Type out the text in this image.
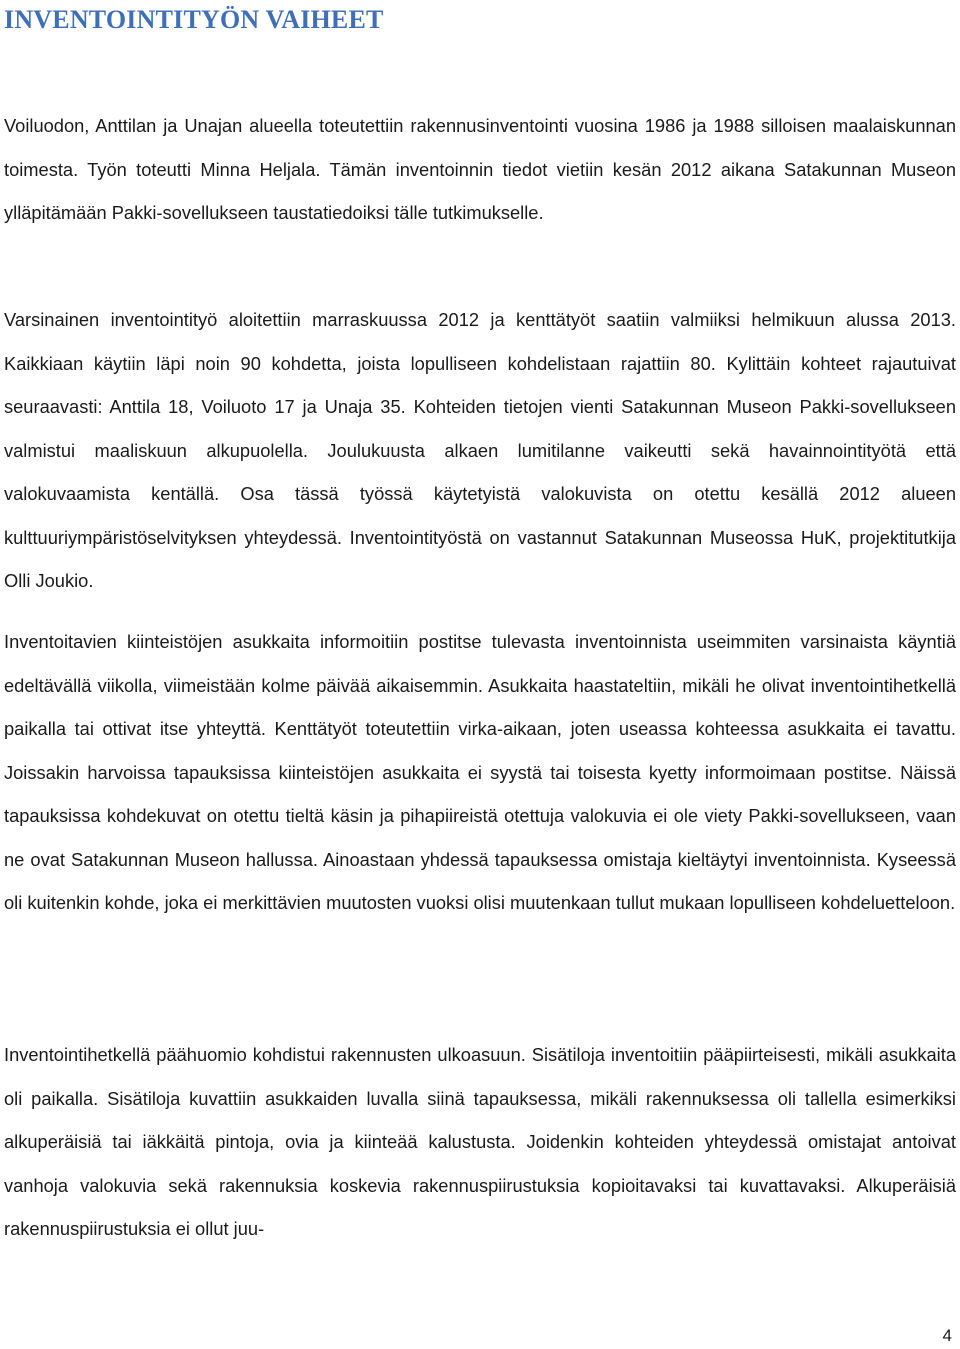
INVENTOINTITYÖN VAIHEET

Voiluodon, Anttilan ja Unajan alueella toteutettiin rakennusinventointi vuosina 1986 ja 1988 silloisen maalaiskunnan toimesta. Työn toteutti Minna Heljala. Tämän inventoinnin tiedot vietiin kesän 2012 aikana Satakunnan Museon ylläpitämään Pakki-sovellukseen taustatiedoiksi tälle tutkimukselle.

Varsinainen inventointityö aloitettiin marraskuussa 2012 ja kenttätyöt saatiin valmiiksi helmikuun alussa 2013. Kaikkiaan käytiin läpi noin 90 kohdetta, joista lopulliseen kohdelistaan rajattiin 80. Kylittäin kohteet rajautuivat seuraavasti: Anttila 18, Voiluoto 17 ja Unaja 35. Kohteiden tietojen vienti Satakunnan Museon Pakki-sovellukseen valmistui maaliskuun alkupuolella. Joulukuusta alkaen lumitilanne vaikeutti sekä havainnointityötä että valokuvaamista kentällä. Osa tässä työssä käytetyistä valokuvista on otettu kesällä 2012 alueen kulttuuriympäristöselvityksen yhteydessä. Inventointityöstä on vastannut Satakunnan Museossa HuK, projektitutkija Olli Joukio.

Inventoitavien kiinteistöjen asukkaita informoitiin postitse tulevasta inventoinnista useimmiten varsinaista käyntiä edeltävällä viikolla, viimeistään kolme päivää aikaisemmin. Asukkaita haastateltiin, mikäli he olivat inventointihetkellä paikalla tai ottivat itse yhteyttä. Kenttätyöt toteutettiin virka-aikaan, joten useassa kohteessa asukkaita ei tavattu. Joissakin harvoissa tapauksissa kiinteistöjen asukkaita ei syystä tai toisesta kyetty informoimaan postitse. Näissä tapauksissa kohdekuvat on otettu tieltä käsin ja pihapiireistä otettuja valokuvia ei ole viety Pakki-sovellukseen, vaan ne ovat Satakunnan Museon hallussa. Ainoastaan yhdessä tapauksessa omistaja kieltäytyi inventoinnista. Kyseessä oli kuitenkin kohde, joka ei merkittävien muutosten vuoksi olisi muutenkaan tullut mukaan lopulliseen kohdeluetteloon.

Inventointihetkellä päähuomio kohdistui rakennusten ulkoasuun. Sisätiloja inventoitiin pääpiirteisesti, mikäli asukkaita oli paikalla. Sisätiloja kuvattiin asukkaiden luvalla siinä tapauksessa, mikäli rakennuksessa oli tallella esimerkiksi alkuperäisiä tai iäkkäitä pintoja, ovia ja kiinteää kalustusta. Joidenkin kohteiden yhteydessä omistajat antoivat vanhoja valokuvia sekä rakennuksia koskevia rakennuspiirustuksia kopioitavaksi tai kuvattavaksi. Alkuperäisiä rakennuspiirustuksia ei ollut juu-

4
